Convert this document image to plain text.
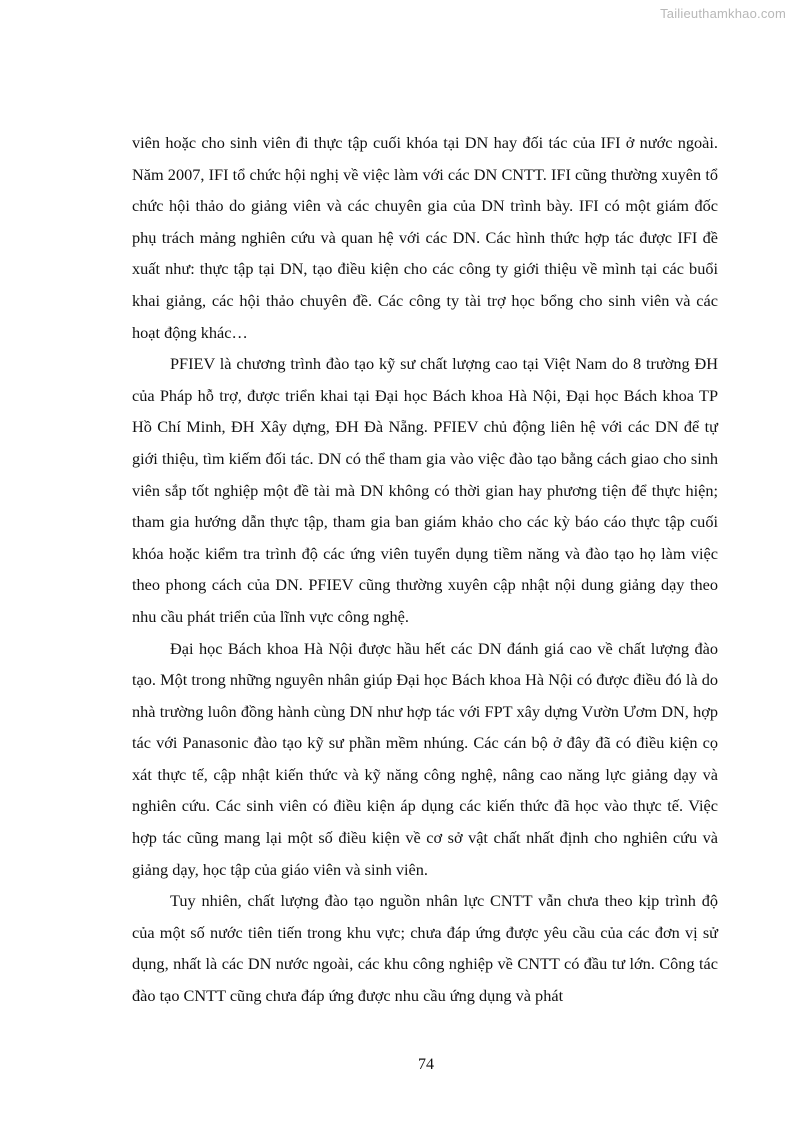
Tailieuthamkhao.com

viên hoặc cho sinh viên đi thực tập cuối khóa tại DN hay đối tác của IFI ở nước ngoài. Năm 2007, IFI tổ chức hội nghị về việc làm với các DN CNTT. IFI cũng thường xuyên tổ chức hội thảo do giảng viên và các chuyên gia của DN trình bày. IFI có một giám đốc phụ trách mảng nghiên cứu và quan hệ với các DN. Các hình thức hợp tác được IFI đề xuất như: thực tập tại DN, tạo điều kiện cho các công ty giới thiệu về mình tại các buổi khai giảng, các hội thảo chuyên đề. Các công ty tài trợ học bổng cho sinh viên và các hoạt động khác…

PFIEV là chương trình đào tạo kỹ sư chất lượng cao tại Việt Nam do 8 trường ĐH của Pháp hỗ trợ, được triển khai tại Đại học Bách khoa Hà Nội, Đại học Bách khoa TP Hồ Chí Minh, ĐH Xây dựng, ĐH Đà Nẵng. PFIEV chủ động liên hệ với các DN để tự giới thiệu, tìm kiếm đối tác. DN có thể tham gia vào việc đào tạo bằng cách giao cho sinh viên sắp tốt nghiệp một đề tài mà DN không có thời gian hay phương tiện để thực hiện; tham gia hướng dẫn thực tập, tham gia ban giám khảo cho các kỳ báo cáo thực tập cuối khóa hoặc kiểm tra trình độ các ứng viên tuyển dụng tiềm năng và đào tạo họ làm việc theo phong cách của DN. PFIEV cũng thường xuyên cập nhật nội dung giảng dạy theo nhu cầu phát triển của lĩnh vực công nghệ.

Đại học Bách khoa Hà Nội được hầu hết các DN đánh giá cao về chất lượng đào tạo. Một trong những nguyên nhân giúp Đại học Bách khoa Hà Nội có được điều đó là do nhà trường luôn đồng hành cùng DN như hợp tác với FPT xây dựng Vườn Ươm DN, hợp tác với Panasonic đào tạo kỹ sư phần mềm nhúng. Các cán bộ ở đây đã có điều kiện cọ xát thực tế, cập nhật kiến thức và kỹ năng công nghệ, nâng cao năng lực giảng dạy và nghiên cứu. Các sinh viên có điều kiện áp dụng các kiến thức đã học vào thực tế. Việc hợp tác cũng mang lại một số điều kiện về cơ sở vật chất nhất định cho nghiên cứu và giảng dạy, học tập của giáo viên và sinh viên.

Tuy nhiên, chất lượng đào tạo nguồn nhân lực CNTT vẫn chưa theo kịp trình độ của một số nước tiên tiến trong khu vực; chưa đáp ứng được yêu cầu của các đơn vị sử dụng, nhất là các DN nước ngoài, các khu công nghiệp về CNTT có đầu tư lớn. Công tác đào tạo CNTT cũng chưa đáp ứng được nhu cầu ứng dụng và phát

74
